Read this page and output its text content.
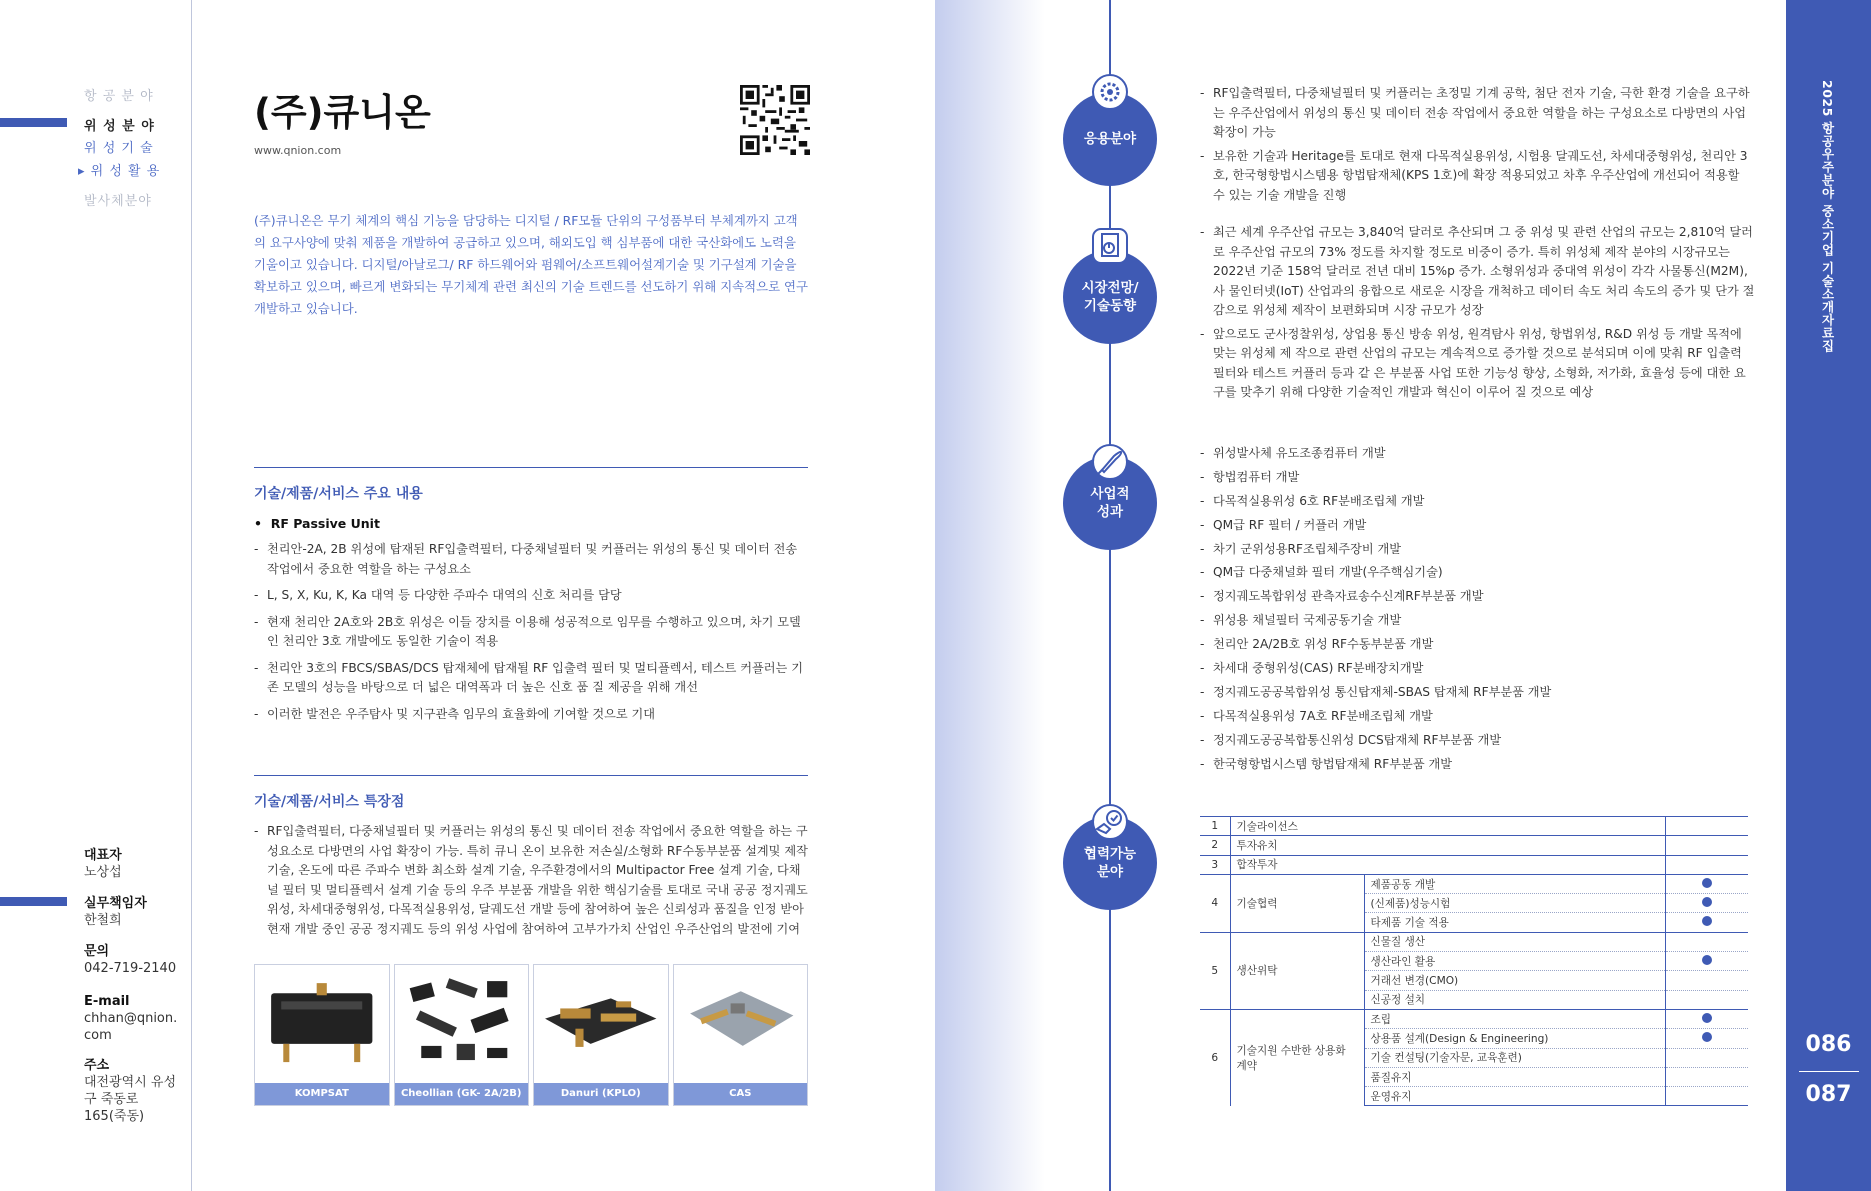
항 공 분 야
위 성 분 야
위 성 기 술
▸ 위 성 활 용
발사체분야
대표자
노상섭
실무책임자
한철희
문의
042-719-2140
E-mail
chhan@qnion.com
주소
대전광역시 유성구 죽동로 165(죽동)
(주)큐니온
www.qnion.com
(주)큐니온은 무기 체계의 핵심 기능을 담당하는 디지털 / RF모듈 단위의 구성품부터 부체계까지 고객의 요구사양에 맞춰 제품을 개발하여 공급하고 있으며, 해외도입 핵 심부품에 대한 국산화에도 노력을 기울이고 있습니다. 디지털/아날로그/ RF 하드웨어와 펌웨어/소프트웨어설계기술 및 기구설계 기술을 확보하고 있으며, 빠르게 변화되는 무기체계 관련 최신의 기술 트렌드를 선도하기 위해 지속적으로 연구 개발하고 있습니다.
기술/제품/서비스 주요 내용
•  RF Passive Unit
- 천리안-2A, 2B 위성에 탑재된 RF입출력필터, 다중채널필터 및 커플러는 위성의 통신 및 데이터 전송 작업에서 중요한 역할을 하는 구성요소
- L, S, X, Ku, K, Ka 대역 등 다양한 주파수 대역의 신호 처리를 담당
- 현재 천리안 2A호와 2B호 위성은 이들 장치를 이용해 성공적으로 임무를 수행하고 있으며, 차기 모델인 천리안 3호 개발에도 동일한 기술이 적용
- 천리안 3호의 FBCS/SBAS/DCS 탑재체에 탑재될 RF 입출력 필터 및 멀티플렉서, 테스트 커플러는 기존 모델의 성능을 바탕으로 더 넓은 대역폭과 더 높은 신호 품 질 제공을 위해 개선
- 이러한 발전은 우주탐사 및 지구관측 임무의 효율화에 기여할 것으로 기대
기술/제품/서비스 특장점
- RF입출력필터, 다중채널필터 및 커플러는 위성의 통신 및 데이터 전송 작업에서 중요한 역할을 하는 구성요소로 다방면의 사업 확장이 가능. 특히 큐니 온이 보유한 저손실/소형화 RF수동부분품 설계및 제작 기술, 온도에 따른 주파수 변화 최소화 설계 기술, 우주환경에서의 Multipactor Free 설계 기술, 다채널 필터 및 멀티플렉서 설계 기술 등의 우주 부분품 개발을 위한 핵심기술를 토대로 국내 공공 정지궤도위성, 차세대중형위성, 다목적실용위성, 달궤도선 개발 등에 참여하여 높은 신뢰성과 품질을 인정 받아 현재 개발 중인 공공 정지궤도 등의 위성 사업에 참여하여 고부가가치 산업인 우주산업의 발전에 기여
KOMPSAT	Cheollian (GK- 2A/2B)	Danuri (KPLO)	CAS
응용분야
- RF입출력필터, 다중채널필터 및 커플러는 초정밀 기계 공학, 첨단 전자 기술, 극한 환경 기술을 요구하는 우주산업에서 위성의 통신 및 데이터 전송 작업에서 중요한 역할을 하는 구성요소로 다방면의 사업 확장이 가능
- 보유한 기술과 Heritage를 토대로 현재 다목적실용위성, 시험용 달궤도선, 차세대중형위성, 천리안 3호, 한국형항법시스템용 항법탑재체(KPS 1호)에 확장 적용되었고 차후 우주산업에 개선되어 적용할 수 있는 기술 개발을 진행
시장전망/
기술동향
- 최근 세계 우주산업 규모는 3,840억 달러로 추산되며 그 중 위성 및 관련 산업의 규모는 2,810억 달러로 우주산업 규모의 73% 정도를 차지할 정도로 비중이 증가. 특히 위성체 제작 분야의 시장규모는 2022년 기준 158억 달러로 전년 대비 15%p 증가. 소형위성과 중대역 위성이 각각 사물통신(M2M), 사 물인터넷(IoT) 산업과의 융합으로 새로운 시장을 개척하고 데이터 속도 처리 속도의 증가 및 단가 절감으로 위성체 제작이 보편화되며 시장 규모가 성장
- 앞으로도 군사정찰위성, 상업용 통신 방송 위성, 원격탐사 위성, 항법위성, R&D 위성 등 개발 목적에 맞는 위성체 제 작으로 관련 산업의 규모는 계속적으로 증가할 것으로 분석되며 이에 맞춰 RF 입출력 필터와 테스트 커플러 등과 같 은 부분품 사업 또한 기능성 향상, 소형화, 저가화, 효율성 등에 대한 요구를 맞추기 위해 다양한 기술적인 개발과 혁신이 이루어 질 것으로 예상
사업적
성과
- 위성발사체 유도조종컴퓨터 개발
- 항법컴퓨터 개발
- 다목적실용위성 6호 RF분배조립체 개발
- QM급 RF 필터 / 커플러 개발
- 차기 군위성용RF조립체주장비 개발
- QM급 다중채널화 필터 개발(우주핵심기술)
- 정지궤도복합위성 관측자료송수신계RF부분품 개발
- 위성용 채널필터 국제공동기술 개발
- 천리안 2A/2B호 위성 RF수동부분품 개발
- 차세대 중형위성(CAS) RF분배장치개발
- 정지궤도공공복합위성 통신탑재체-SBAS 탑재체 RF부분품 개발
- 다목적실용위성 7A호 RF분배조립체 개발
- 정지궤도공공복합통신위성 DCS탑재체 RF부분품 개발
- 한국형항법시스템 항법탑재체 RF부분품 개발
협력가능
분야
1	기술라이선스		
2	투자유치		
3	합작투자		
4	기술협력	제품공동 개발	
		(신제품)성능시험	
		타제품 기술 적용	
5	생산위탁	신물질 생산	
		생산라인 활용	
		거래선 변경(CMO)	
		신공정 설치	
6	기술지원 수반한 상용화 계약	조립	
		상용품 설계(Design & Engineering)	
		기술 컨설팅(기술자문, 교육훈련)	
		품질유지	
		운영유지	
2025 항공우주분야 중소기업 기술소개자료집
086
087
